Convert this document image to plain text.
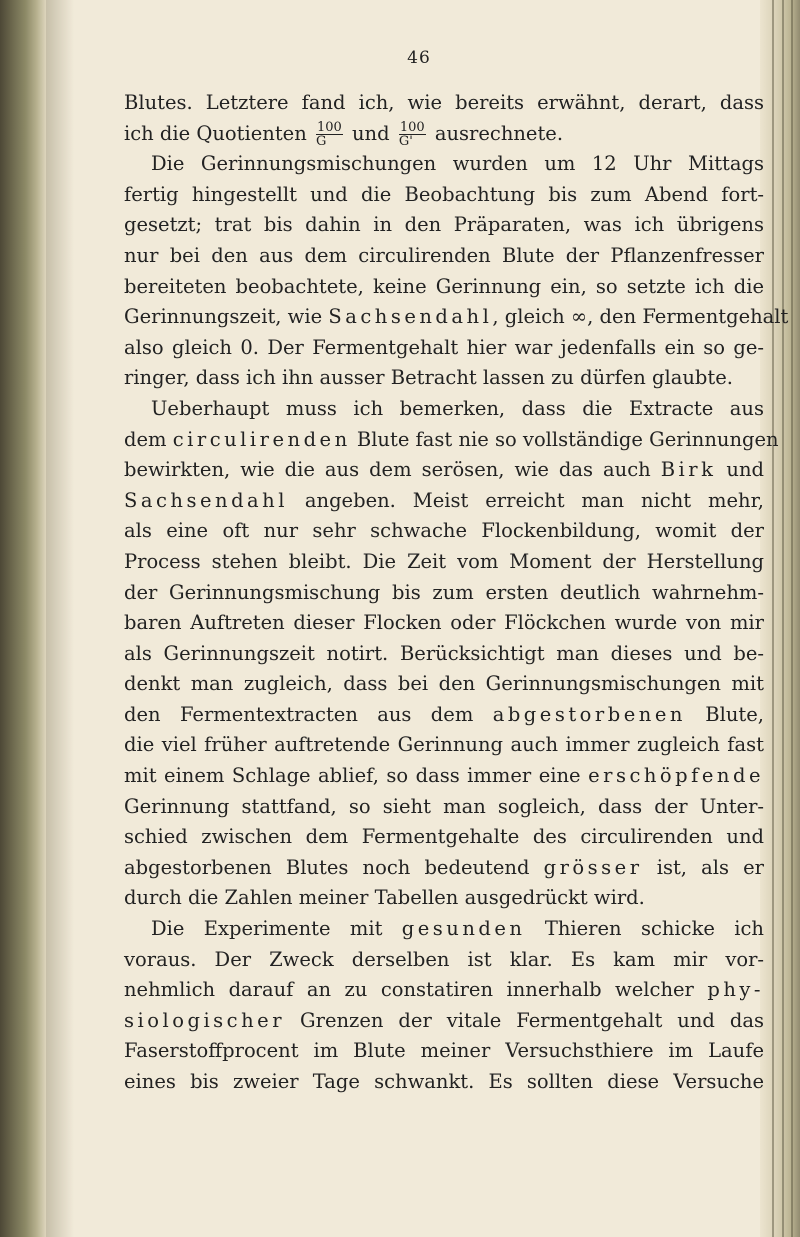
46
Blutes. Letztere fand ich, wie bereits erwähnt, derart, dass
ich die Quotienten $\frac{100}{G}$ und $\frac{100}{G'}$ ausrechnete.
Die Gerinnungsmischungen wurden um 12 Uhr Mittags
fertig hingestellt und die Beobachtung bis zum Abend fort-
gesetzt; trat bis dahin in den Präparaten, was ich übrigens
nur bei den aus dem circulirenden Blute der Pflanzenfresser
bereiteten beobachtete, keine Gerinnung ein, so setzte ich die
Gerinnungszeit, wie Sachsendahl, gleich ∞, den Fermentgehalt
also gleich 0. Der Fermentgehalt hier war jedenfalls ein so ge-
ringer, dass ich ihn ausser Betracht lassen zu dürfen glaubte.
Ueberhaupt muss ich bemerken, dass die Extracte aus
dem circulirenden Blute fast nie so vollständige Gerinnungen
bewirkten, wie die aus dem serösen, wie das auch Birk und
Sachsendahl angeben. Meist erreicht man nicht mehr,
als eine oft nur sehr schwache Flockenbildung, womit der
Process stehen bleibt. Die Zeit vom Moment der Herstellung
der Gerinnungsmischung bis zum ersten deutlich wahrnehm-
baren Auftreten dieser Flocken oder Flöckchen wurde von mir
als Gerinnungszeit notirt. Berücksichtigt man dieses und be-
denkt man zugleich, dass bei den Gerinnungsmischungen mit
den Fermentextracten aus dem abgestorbenen Blute,
die viel früher auftretende Gerinnung auch immer zugleich fast
mit einem Schlage ablief, so dass immer eine erschöpfende
Gerinnung stattfand, so sieht man sogleich, dass der Unter-
schied zwischen dem Fermentgehalte des circulirenden und
abgestorbenen Blutes noch bedeutend grösser ist, als er
durch die Zahlen meiner Tabellen ausgedrückt wird.
Die Experimente mit gesunden Thieren schicke ich
voraus. Der Zweck derselben ist klar. Es kam mir vor-
nehmlich darauf an zu constatiren innerhalb welcher phy-
siologischer Grenzen der vitale Fermentgehalt und das
Faserstoffprocent im Blute meiner Versuchsthiere im Laufe
eines bis zweier Tage schwankt. Es sollten diese Versuche
